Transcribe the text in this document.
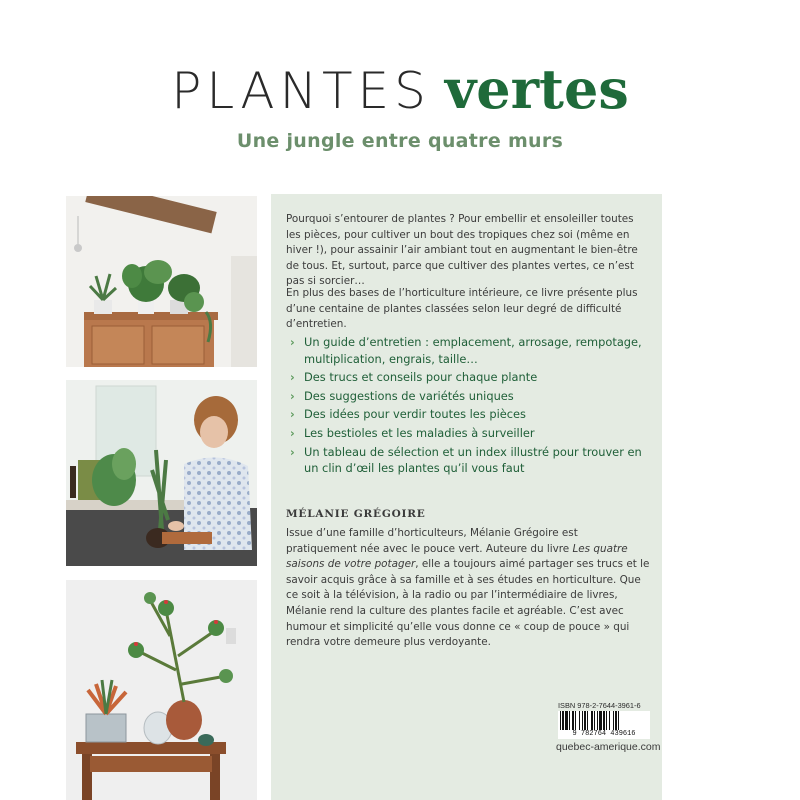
PLANTES vertes
Une jungle entre quatre murs

Pourquoi s’entourer de plantes ? Pour embellir et ensoleiller toutes les pièces, pour cultiver un bout des tropiques chez soi (même en hiver !), pour assainir l’air ambiant tout en augmentant le bien-être de tous. Et, surtout, parce que cultiver des plantes vertes, ce n’est pas si sorcier…

En plus des bases de l’horticulture intérieure, ce livre présente plus d’une centaine de plantes classées selon leur degré de difficulté d’entretien.

› Un guide d’entretien : emplacement, arrosage, rempotage, multiplication, engrais, taille…
› Des trucs et conseils pour chaque plante
› Des suggestions de variétés uniques
› Des idées pour verdir toutes les pièces
› Les bestioles et les maladies à surveiller
› Un tableau de sélection et un index illustré pour trouver en un clin d’œil les plantes qu’il vous faut
MÉLANIE GRÉGOIRE

Issue d’une famille d’horticulteurs, Mélanie Grégoire est pratiquement née avec le pouce vert. Auteure du livre Les quatre saisons de votre potager, elle a toujours aimé partager ses trucs et le savoir acquis grâce à sa famille et à ses études en horticulture. Que ce soit à la télévision, à la radio ou par l’intermédiaire de livres, Mélanie rend la culture des plantes facile et agréable. C’est avec humour et simplicité qu’elle vous donne ce « coup de pouce » qui rendra votre demeure plus verdoyante.

ISBN 978-2-7644-3961-6
9 782764 439616
quebec-amerique.com
